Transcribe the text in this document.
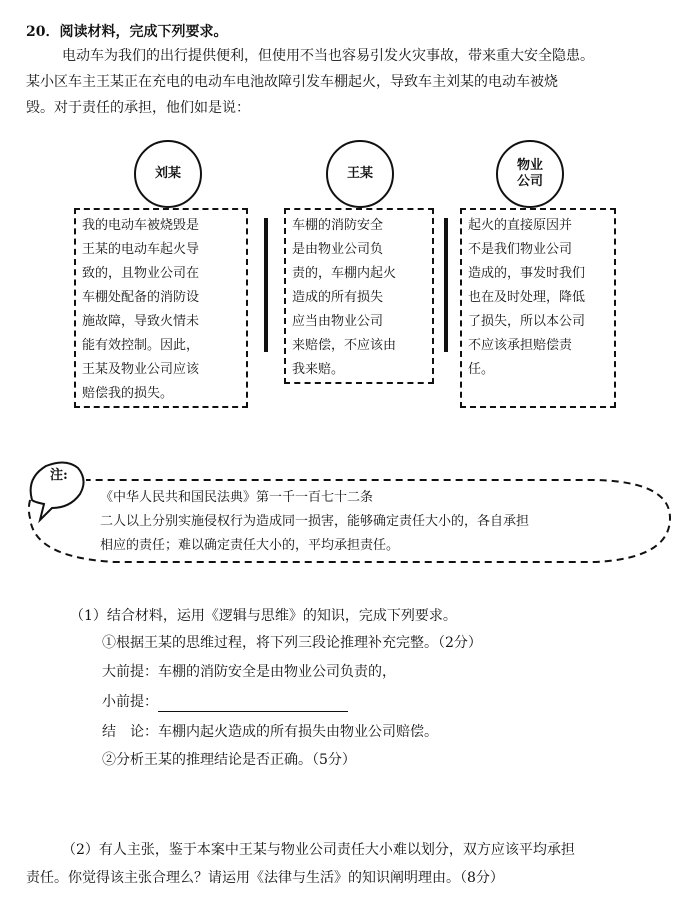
20．阅读材料，完成下列要求。
电动车为我们的出行提供便利，但使用不当也容易引发火灾事故，带来重大安全隐患。
某小区车主王某正在充电的电动车电池故障引发车棚起火，导致车主刘某的电动车被烧
毁。对于责任的承担，他们如是说：
刘某	王某
物业
公司
我的电动车被烧毁是
王某的电动车起火导
致的，且物业公司在
车棚处配备的消防设
施故障，导致火情未
能有效控制。因此，
王某及物业公司应该
赔偿我的损失。
车棚的消防安全
是由物业公司负
责的，车棚内起火
造成的所有损失
应当由物业公司
来赔偿，不应该由
我来赔。
起火的直接原因并
不是我们物业公司
造成的，事发时我们
也在及时处理，降低
了损失，所以本公司
不应该承担赔偿责
任。
注:
《中华人民共和国民法典》第一千一百七十二条
二人以上分别实施侵权行为造成同一损害，能够确定责任大小的，各自承担
相应的责任；难以确定责任大小的，平均承担责任。
（1）结合材料，运用《逻辑与思维》的知识，完成下列要求。
①根据王某的思维过程，将下列三段论推理补充完整。（2分）
大前提：车棚的消防安全是由物业公司负责的，
小前提：
结　论：车棚内起火造成的所有损失由物业公司赔偿。
②分析王某的推理结论是否正确。（5分）
（2）有人主张，鉴于本案中王某与物业公司责任大小难以划分，双方应该平均承担
责任。你觉得该主张合理么？请运用《法律与生活》的知识阐明理由。（8分）
